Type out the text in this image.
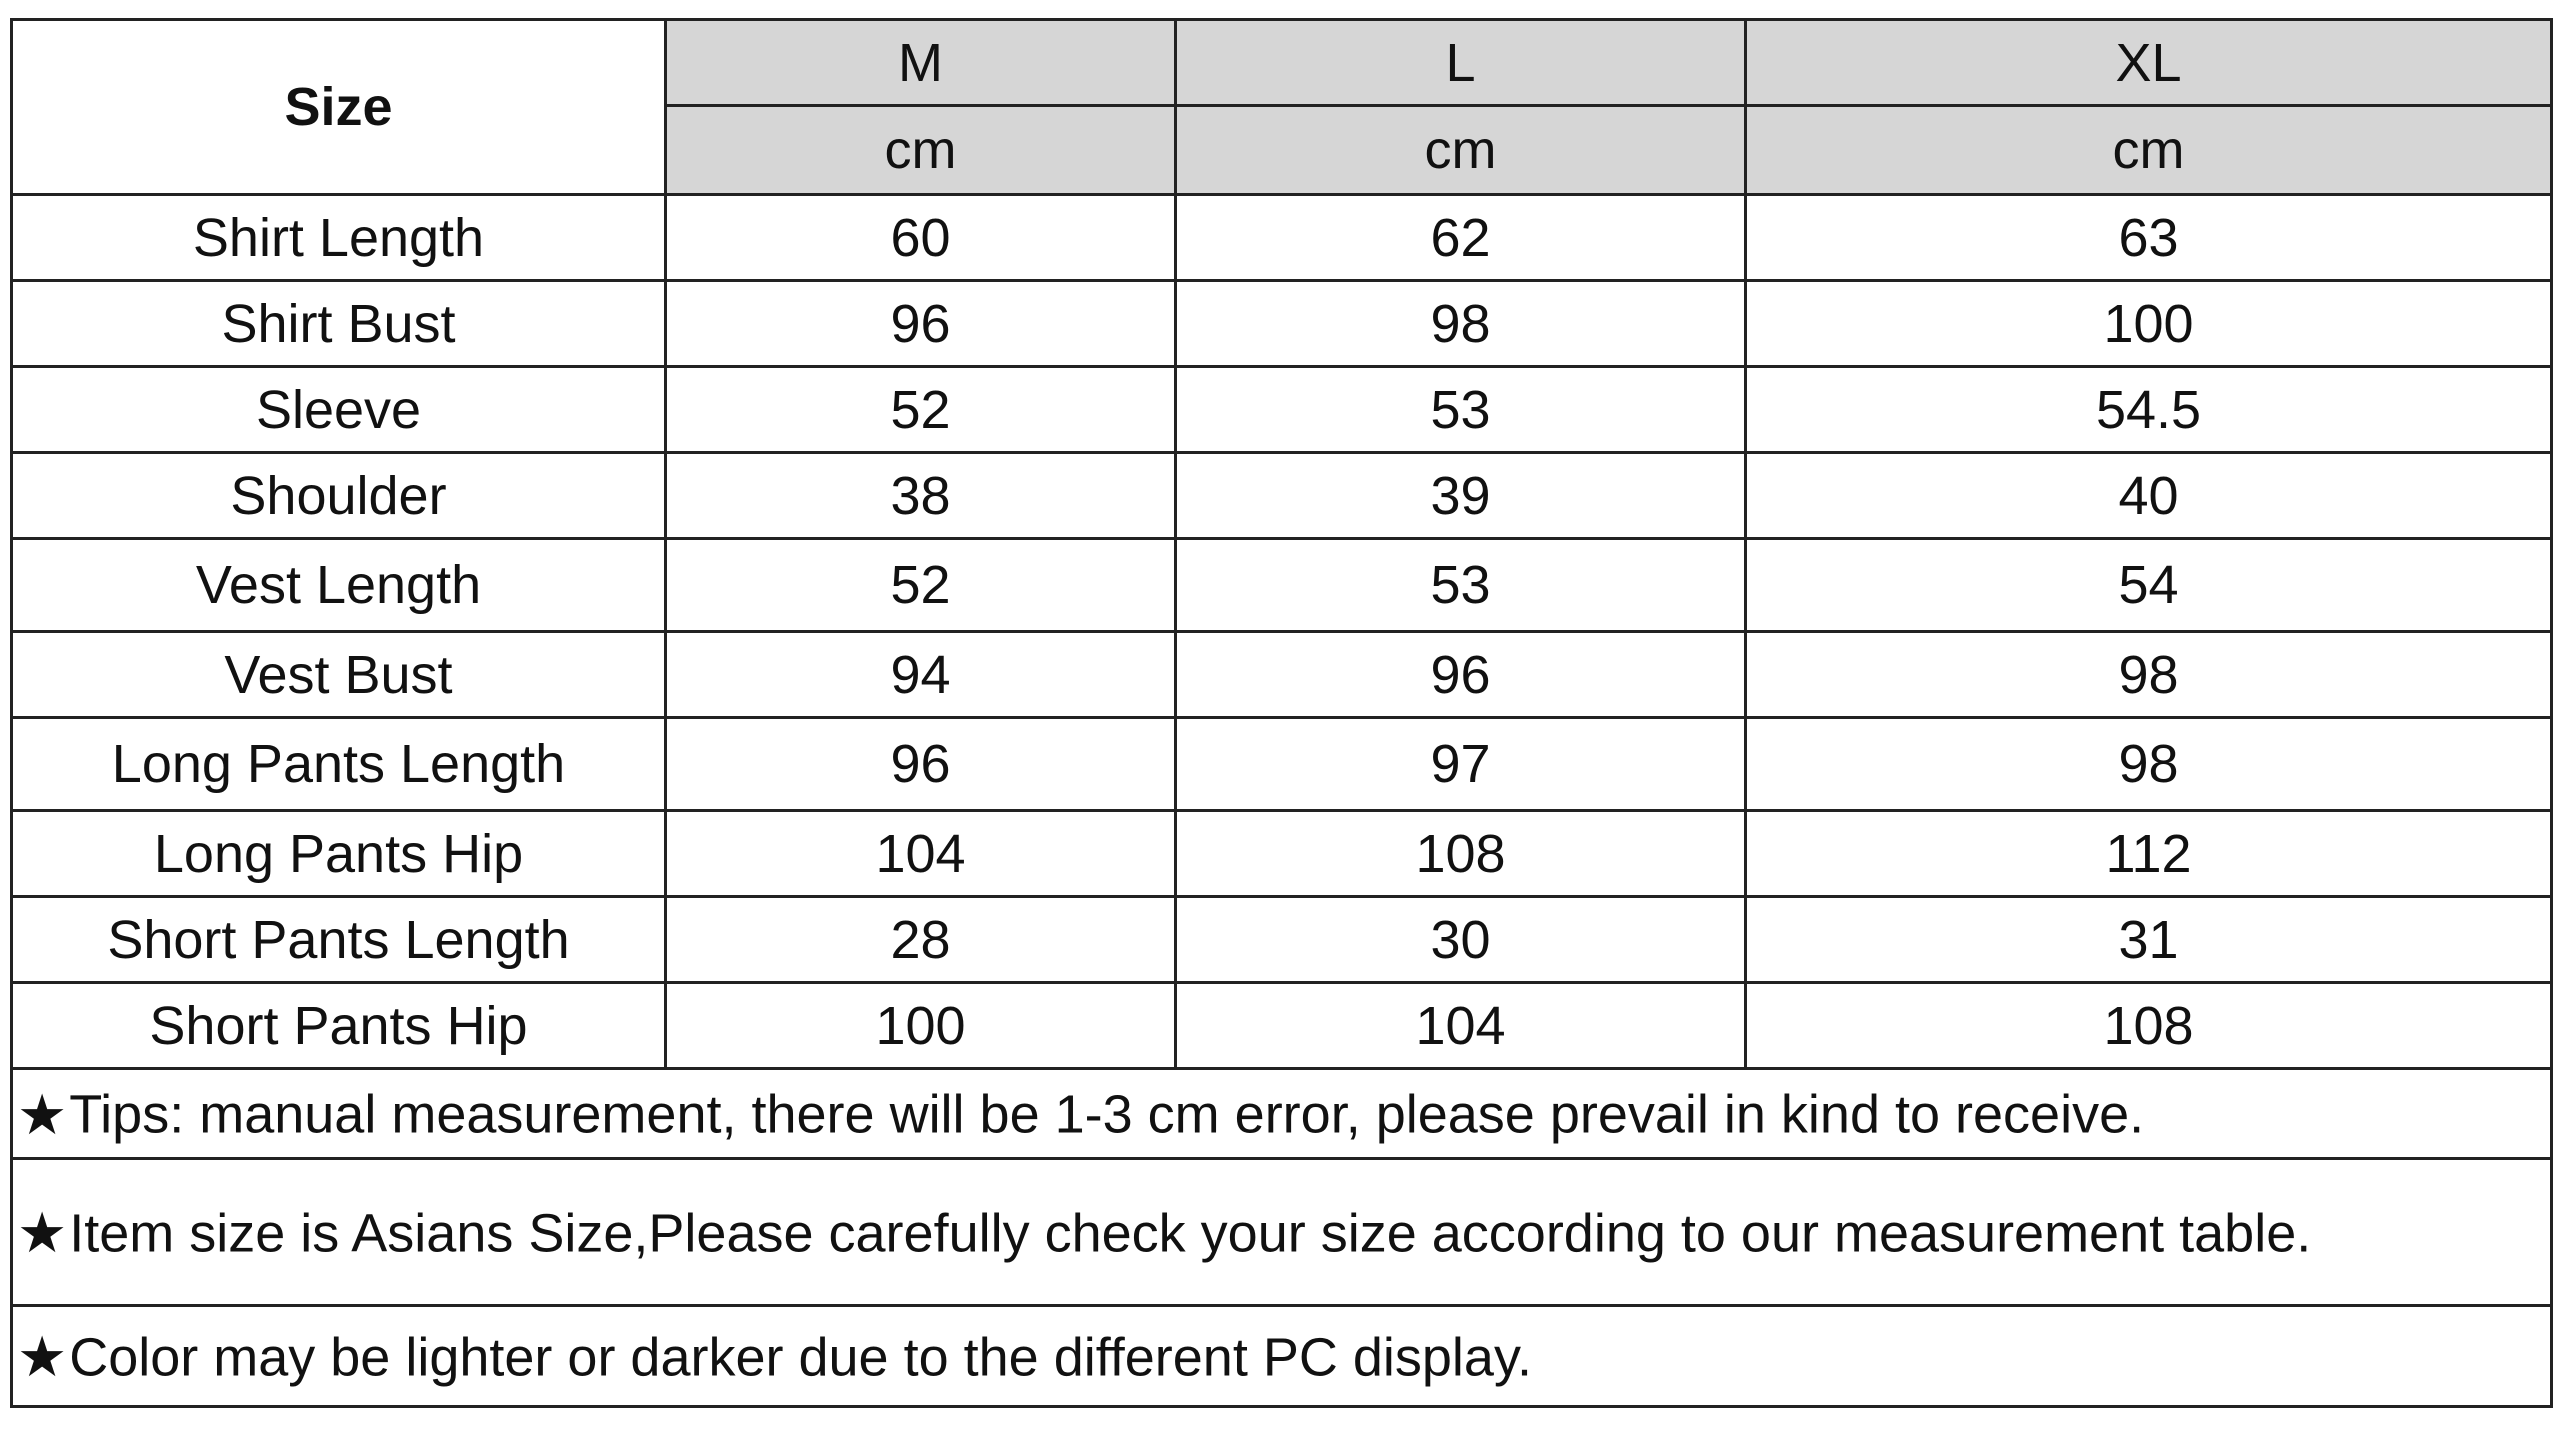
Size	M	L	XL
	cm	cm	cm
Shirt Length	60	62	63
Shirt Bust	96	98	100
Sleeve	52	53	54.5
Shoulder	38	39	40
Vest Length	52	53	54
Vest Bust	94	96	98
Long Pants Length	96	97	98
Long Pants Hip	104	108	112
Short Pants Length	28	30	31
Short Pants Hip	100	104	108
★Tips: manual measurement, there will be 1-3 cm error, please prevail in kind to receive.			
★Item size is Asians Size,Please carefully check your size according to our measurement table.			
★Color may be lighter or darker due to the different PC display.			
